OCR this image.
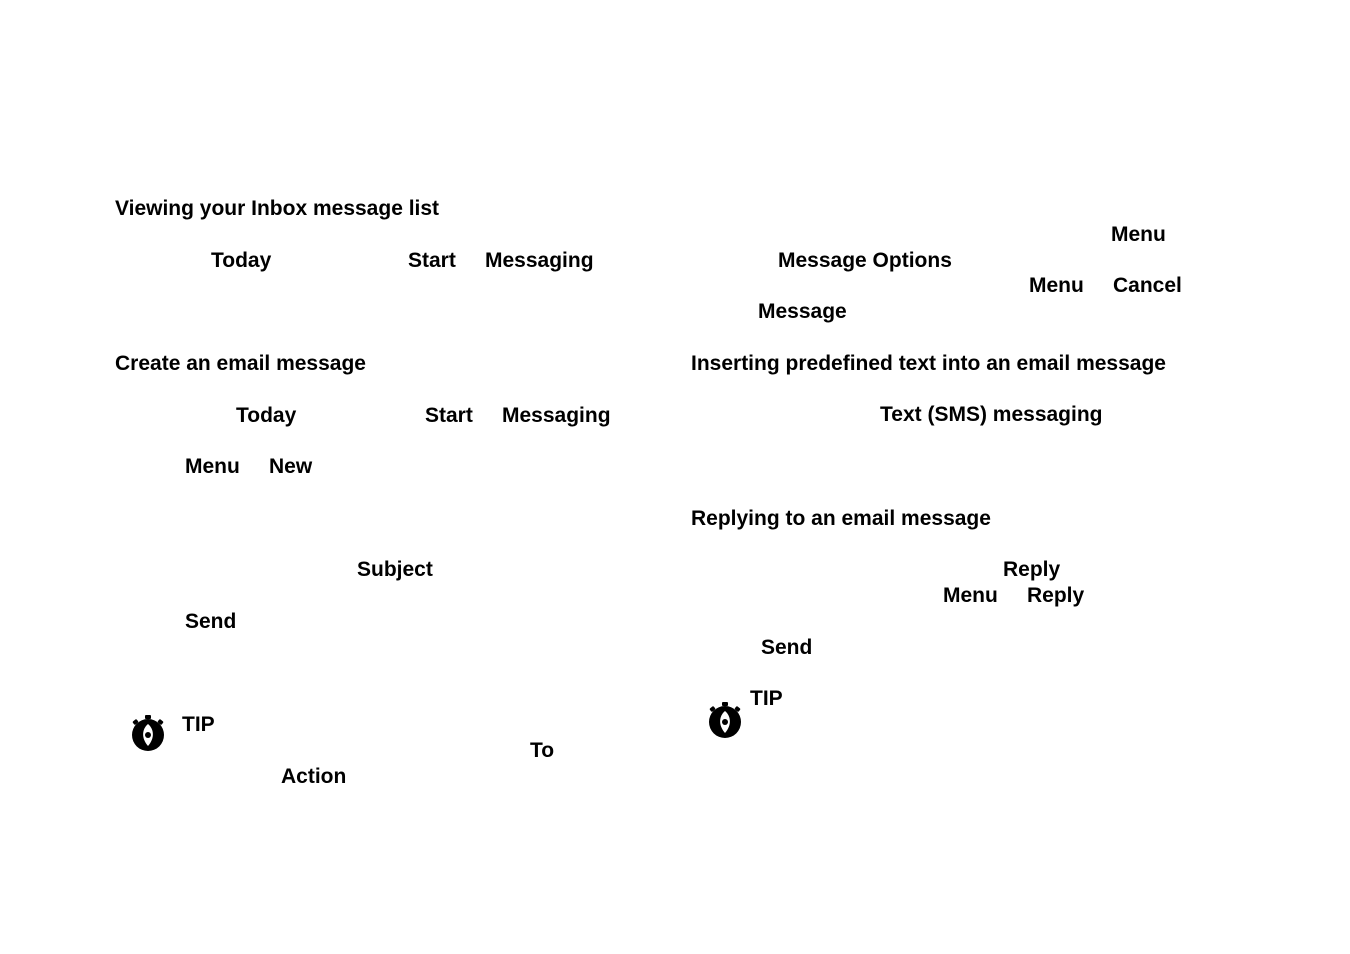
Viewing your Inbox message list
Today	Start Messaging
Create an email message
Today	Start Messaging
Menu New
Subject
Send
TIP
To
Action
Menu
Message Options
Menu Cancel
Message
Inserting predefined text into an email message
Text (SMS) messaging
Replying to an email message
Reply
Menu Reply
Send
TIP
